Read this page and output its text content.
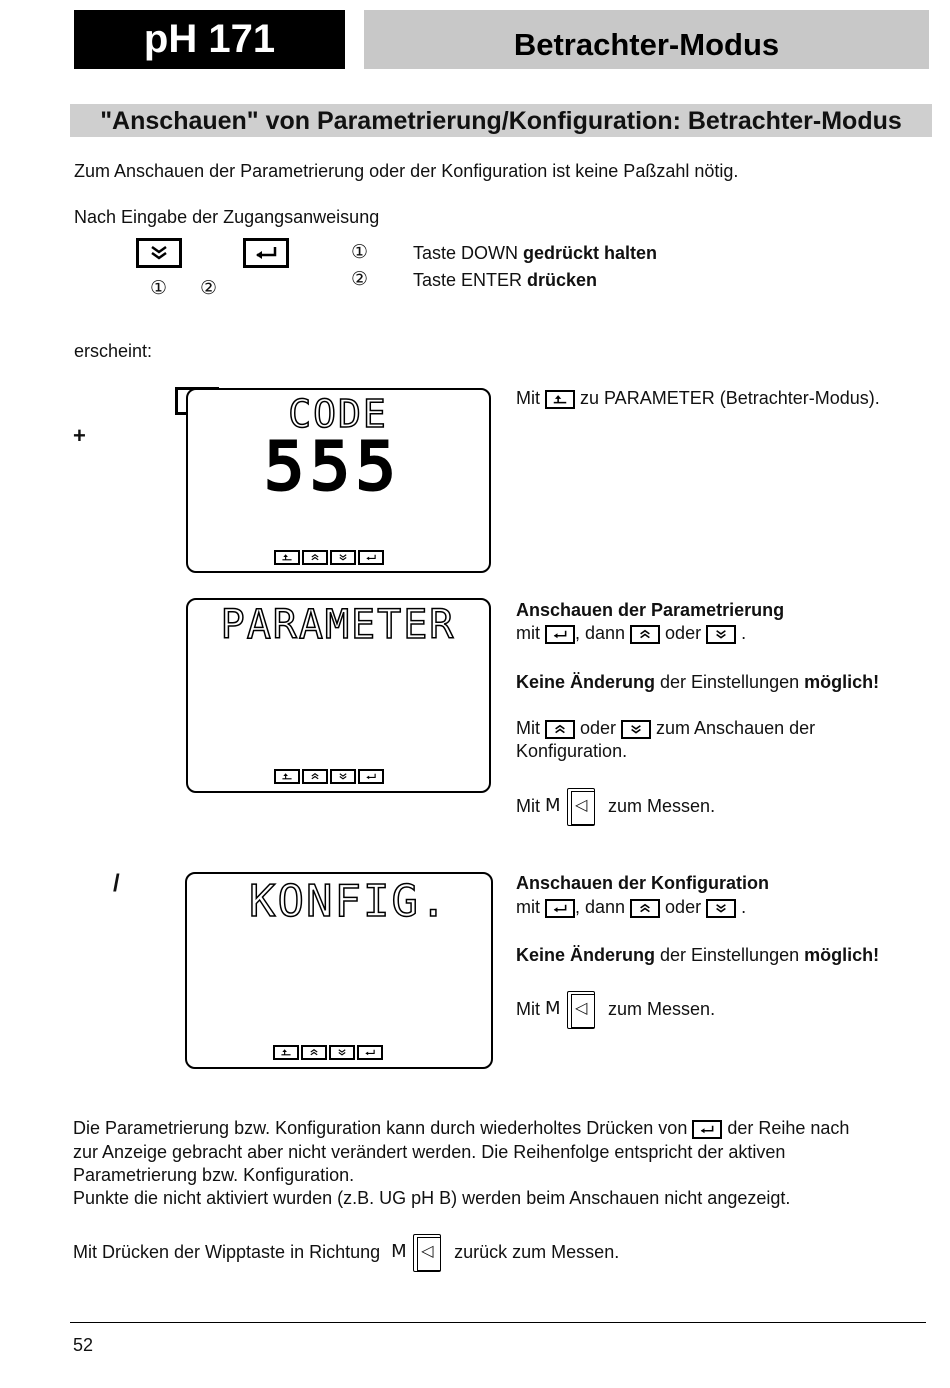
pH 171	Betrachter-Modus
"Anschauen" von Parametrierung/Konfiguration: Betrachter-Modus
Zum Anschauen der Parametrierung oder der Konfiguration ist keine Paßzahl nötig.
Nach Eingabe der Zugangsanweisung

① ②
① Taste DOWN gedrückt halten
② Taste ENTER drücken
erscheint:

+
	CODE
555
Mit
zu PARAMETER (Betrachter-Modus).

PARAMETER	Anschauen der Parametrierung
mit
, dann
oder
.
Keine Änderung der Einstellungen möglich!
Mit
oder
zum Anschauen der
Konfiguration.
Mit M ◁ zum Messen.

/	KONFIG.	Anschauen der Konfiguration
mit
, dann
oder
.
Keine Änderung der Einstellungen möglich!
Mit M ◁ zum Messen.
Die Parametrierung bzw. Konfiguration kann durch wiederholtes Drücken von
der Reihe nach
zur Anzeige gebracht aber nicht verändert werden. Die Reihenfolge entspricht der aktiven
Parametrierung bzw. Konfiguration.
Punkte die nicht aktiviert wurden (z.B. UG pH B) werden beim Anschauen nicht angezeigt.
Mit Drücken der Wipptaste in Richtung M ◁ zurück zum Messen.
52
